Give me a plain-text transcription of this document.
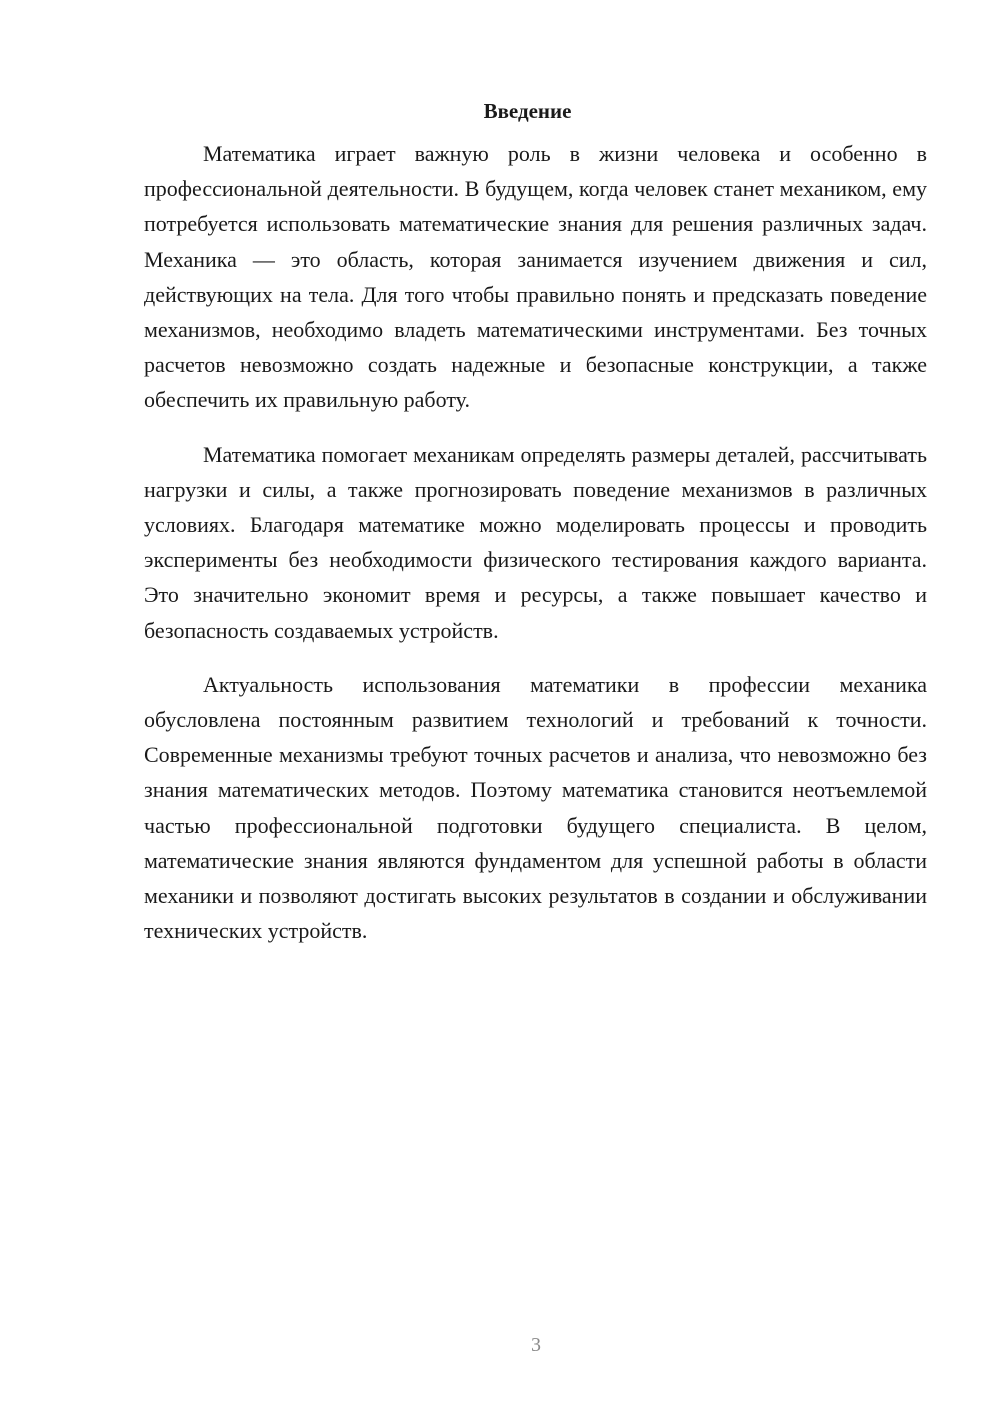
Введение

Математика играет важную роль в жизни человека и особенно в профессиональной деятельности. В будущем, когда человек станет механиком, ему потребуется использовать математические знания для решения различных задач. Механика — это область, которая занимается изучением движения и сил, действующих на тела. Для того чтобы правильно понять и предсказать поведение механизмов, необходимо владеть математическими инструментами. Без точных расчетов невозможно создать надежные и безопасные конструкции, а также обеспечить их правильную работу.

Математика помогает механикам определять размеры деталей, рассчитывать нагрузки и силы, а также прогнозировать поведение механизмов в различных условиях. Благодаря математике можно моделировать процессы и проводить эксперименты без необходимости физического тестирования каждого варианта. Это значительно экономит время и ресурсы, а также повышает качество и безопасность создаваемых устройств.

Актуальность использования математики в профессии механика обусловлена постоянным развитием технологий и требований к точности. Современные механизмы требуют точных расчетов и анализа, что невозможно без знания математических методов. Поэтому математика становится неотъемлемой частью профессиональной подготовки будущего специалиста. В целом, математические знания являются фундаментом для успешной работы в области механики и позволяют достигать высоких результатов в создании и обслуживании технических устройств.

3
